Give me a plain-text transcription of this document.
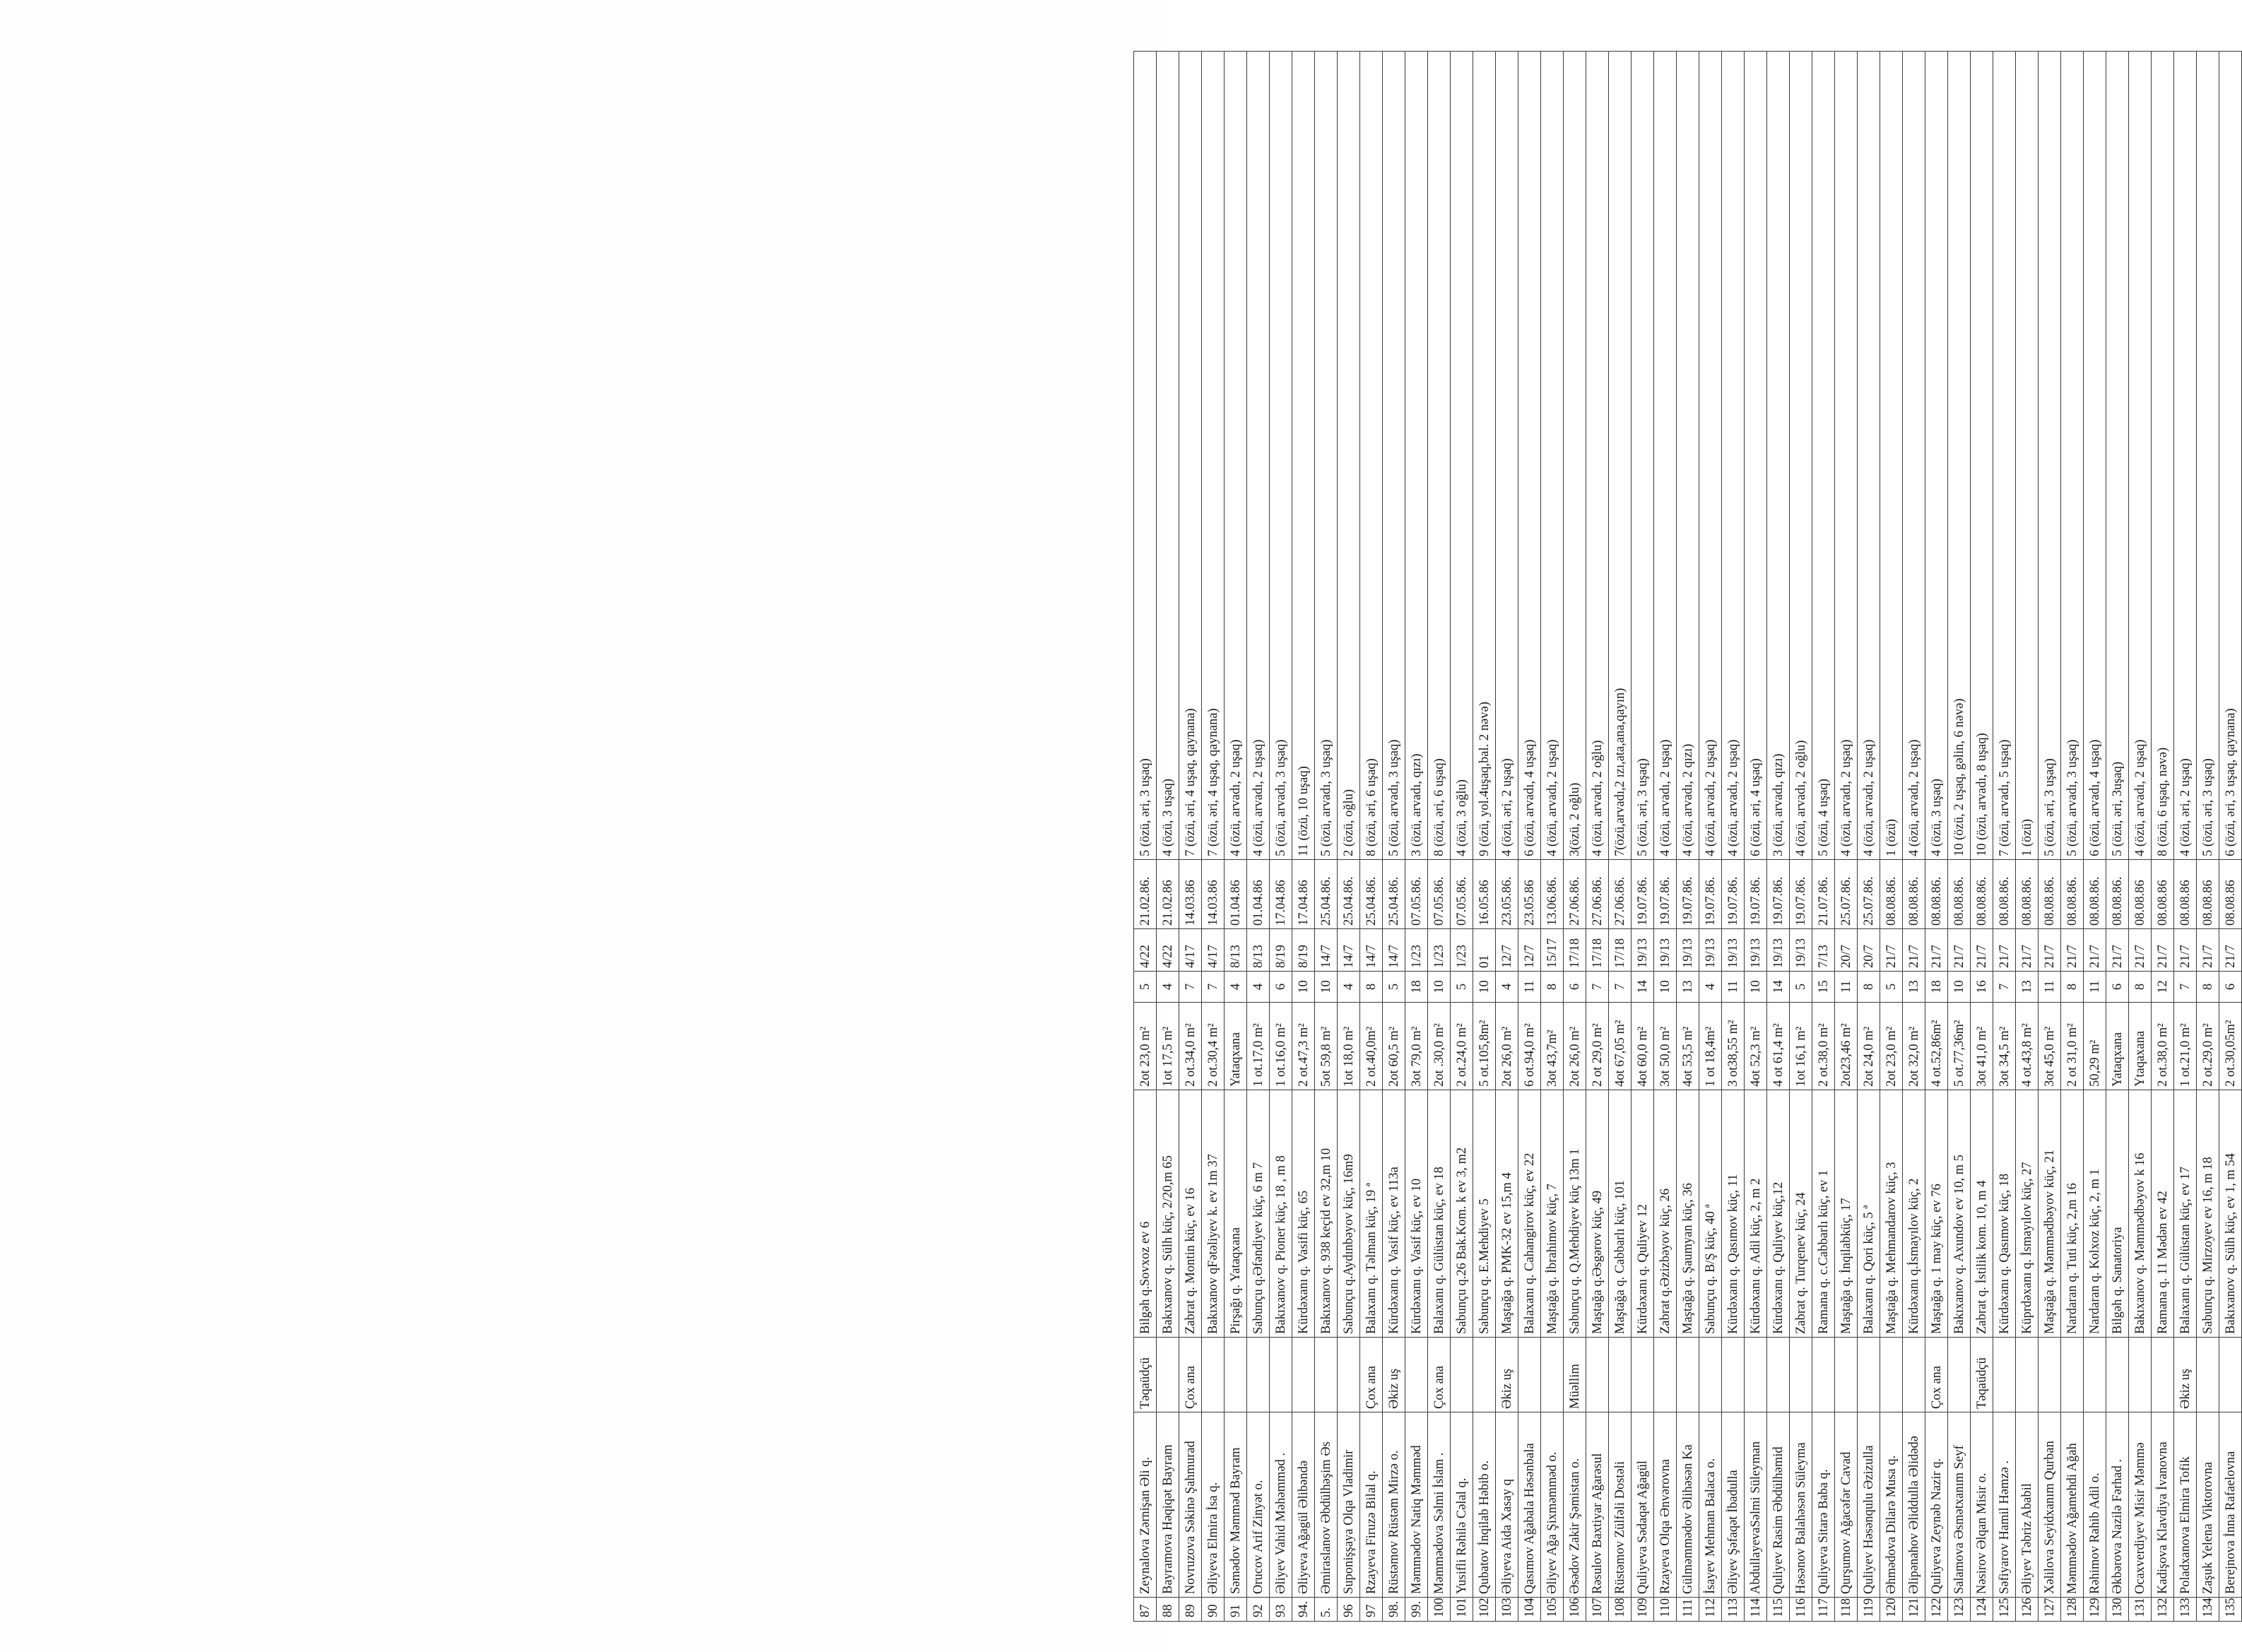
87	Zeynalova Zərnişan Əli q.	Təqaüdçü	Bilgəh q.Sovxoz ev 6	2ot 23,0 m²	5	4/22	21.02.86.	5 (özü, əri, 3 uşaq)
88	Bayramova Həqiqət Bayram		Bakıxanov q. Sülh küç, 2/20,m 65	1ot 17,5 m²	4	4/22	21.02.86	4 (özü, 3 uşaq)
89	Novruzova Səkinə Şahmurad	Çox ana	Zabrat q. Montin küç, ev 16	2 ot.34,0 m²	7	4/17	14.03.86	7 (özü, əri, 4 uşaq, qaynana)
90	Əliyeva Elmira İsa q.		Bakıxanov qFətəliyev k. ev 1m 37	2 ot.30,4 m²	7	4/17	14.03.86	7 (özü, əri, 4 uşaq, qaynana)
91	Səmədov Məmməd Bayram		Pirşağı q. Yataqxana	Yataqxana	4	8/13	01.04.86	4 (özü, arvadı, 2 uşaq)
92	Orucov Arif Zinyət o.		Sabunçu q.Əfəndiyev küç, 6 m 7	1 ot.17,0 m²	4	8/13	01.04.86	4 (özü, arvadı, 2 uşaq)
93	Əliyev Vahid Məhəmməd .		Bakıxanov q. Pioner küç, 18 , m 8	1 ot.16,0 m²	6	8/19	17.04.86	5 (özü, arvadı, 3 uşaq)
94.	Əliyeva Ağagül Əlibəndə		Kürdəxanı q. Vasifi küç, 65	2 ot.47,3 m²	10	8/19	17.04.86	11 (özü, 10 uşaq)
5.	Əmiraslanov Əbdülhəşim Əs		Bakıxanov q. 938 keçid ev 32,m 10	5ot 59,8 m²	10	14/7	25.04.86.	5 (özü, arvadı, 3 uşaq)
96	Suponişşaya Olqa Vladimir		Sabunçu q.Aydınbəyov küç, 16m9	1ot 18,0 m²	4	14/7	25.04.86.	2 (özü, oğlu)
97	Rzayeva Firuzə Bilal q.	Çox ana	Balaxanı q. Təlman küç, 19 ª	2 ot.40,0m²	8	14/7	25.04.86.	8 (özü, əri, 6 uşaq)
98.	Rüstəmov Rüstəm Mirzə o.	Əkiz uş	Kürdəxanı q. Vasif küç, ev 113a	2ot 60,5 m²	5	14/7	25.04.86.	5 (özü, arvadı, 3 uşaq)
99.	Məmmədov Natiq Məmməd		Kürdəxanı q. Vasif küç, ev 10	3ot 79,0 m²	18	1/23	07.05.86.	3 (özü, arvadı, qızı)
100	Məmmədova Səlmi İslam .	Çox ana	Balaxanı q. Gülüstan küç, ev 18	2ot .30,0 m²	10	1/23	07.05.86.	8 (özü, əri, 6 uşaq)
101	Yusifli Rəhilə Cəlal q.		Sabunçu q.26 Bak.Kom. k ev 3, m2	2 ot.24,0 m²	5	1/23	07.05.86.	4 (özü, 3 oğlu)
102	Qubatov İnqilab Həbib o.		Sabunçu q. E.Mehdiyev 5	5 ot.105,8m²	10	01	16.05.86	9 (özü, yol.4uşaq,bal. 2 nəvə)
103	Əliyeva Aida Xasay q	Əkiz uş	Maştağa q. PMK-32 ev 15,m 4	2ot 26,0 m²	4	12/7	23.05.86.	4 (özü, əri, 2 uşaq)
104	Qasımov Ağabala Həsənbala		Balaxanı q. Cahangirov küç, ev 22	6 ot.94,0 m²	11	12/7	23.05.86	6 (özü, arvadı, 4 uşaq)
105	Əliyev Ağa Şixməmməd o.		Maştağa q. İbrahimov küç, 7	3ot 43,7m²	8	15/17	13.06.86.	4 (özü, arvadı, 2 uşaq)
106	Əsədov Zakir Şəmistan o.	Müəllim	Sabunçu q. Q.Mehdiyev küç 13m 1	2ot 26,0 m²	6	17/18	27.06.86.	3(özü, 2 oğlu)
107	Rəsulov Baxtiyar Ağarəsul		Maştağa q.Əsgərov küç, 49	2 ot 29,0 m²	7	17/18	27.06.86.	4 (özü, arvadı, 2 oğlu)
108	Rüstəmov Zülfəli Dostəli		Maştağa q. Cabbarlı küç, 101	4ot 67,05 m²	7	17/18	27.06.86.	7(özü,arvadı,2 ızı,ata,ana,qayın)
109	Quliyeva Sədaqət Ağagül		Kürdəxanı q. Quliyev 12	4ot 60,0 m²	14	19/13	19.07.86.	5 (özü, əri, 3 uşaq)
110	Rzayeva Olqa Ənvərovna		Zabrat q.Əzizbəyov küç, 26	3ot 50,0 m²	10	19/13	19.07.86.	4 (özü, arvadı, 2 uşaq)
111	Gülməmmədov Əlihəsən Ka		Maştağa q. Şaumyan küç, 36	4ot 53,5 m²	13	19/13	19.07.86.	4 (özü, arvadı, 2 qızı)
112	İsayev Mehman Balaca o.		Sabunçu q. B/Ş küç, 40 ª	1 ot 18,4m²	4	19/13	19.07.86.	4 (özü, arvadı, 2 uşaq)
113	Əliyev Şəfaqət İbadulla		Kürdəxanı q. Qasımov küç, 11	3 ot38,55 m²	11	19/13	19.07.86.	4 (özü, arvadı, 2 uşaq)
114	AbdullayevaSəlmi Süleyman		Kürdəxanı q. Adil küç, 2, m 2	4ot 52,3 m²	10	19/13	19.07.86.	6 (özü, əri, 4 uşaq)
115	Quliyev Rasim Əbdülhəmid		Kürdəxanı q. Quliyev küç,12	4 ot 61,4 m²	14	19/13	19.07.86.	3 (özü, arvadı, qızı)
116	Həsənov Balahəsən Süleyma		Zabrat q. Turqenev küç, 24	1ot 16,1 m²	5	19/13	19.07.86.	4 (özü, arvadı, 2 oğlu)
117	Quliyeva Sitarə Baba q.		Ramana q. c.Cabbarlı küç, ev 1	2 ot.38,0 m²	15	7/13	21.07.86.	5 (özü, 4 uşaq)
118	Qurşumov Ağacəfər Cavad		Maştağa q. İnqilabküç, 17	2ot23,46 m²	11	20/7	25.07.86.	4 (özü, arvadı, 2 uşaq)
119	Quliyev Həsənqulu Əzizulla		Balaxanı q. Qori küç, 5 ª	2ot 24,0 m²	8	20/7	25.07.86.	4 (özü, arvadı, 2 uşaq)
120	Əhmədova Dilarə Musa q.		Maştağa q. Mehmandarov küç, 3	2ot 23,0 m²	5	21/7	08.08.86.	1 (özü)
121	Əlipənahov Əliddulla Əlidədə		Kürdəxanı q.İsmayılov küç, 2	2ot 32,0 m²	13	21/7	08.08.86.	4 (özü, arvadı, 2 uşaq)
122	Quliyeva Zeynəb Nazir q.	Çox ana	Maştağa q. 1 may küç, ev 76	4 ot.52,86m²	18	21/7	08.08.86.	4 (özü, 3 uşaq)
123	Salamova Əsmətxanım Seyf		Bakıxanov q. Axundov ev 10, m 5	5 ot.77,36m²	10	21/7	08.08.86.	10 (özü, 2 uşaq, gəlin, 6 nəvə)
124	Nəsirov Əlqan Misir o.	Təqaüdçü	Zabrat q. İstilik kom. 10, m 4	3ot 41,0 m²	16	21/7	08.08.86.	10 (özü, arvadı, 8 uşaq)
125	Səfiyarov Hamil Həmzə .		Kürdəxanı q. Qasımov küç, 18	3ot 34,5 m²	7	21/7	08.08.86.	7 (özü, arvadı, 5 uşaq)
126	Əliyev Təbriz Ababil		Küprdəxanı q. İsmayılov küç, 27	4 ot.43,8 m²	13	21/7	08.08.86.	1 (özü)
127	Xəlilova Seyidxanım Qurban		Maştağa q. Məmmədbəyov küç, 21	3ot 45,0 m²	11	21/7	08.08.86.	5 (özü, əri, 3 uşaq)
128	Məmmədov Ağamehdi Ağah		Nardaran q. Tuti küç, 2,m 16	2 ot 31,0 m²	8	21/7	08.08.86.	5 (özü, arvadı, 3 uşaq)
129	Rəhimov Rahib Adil o.		Nardaran q. Kolxoz küç, 2, m 1	50,29 m²	11	21/7	08.08.86.	6 (özü, arvadı, 4 uşaq)
130	Əkbərova Nazilə Fərhad .		Bilgəh q. Sanatoriya	Yataqxana	6	21/7	08.08.86.	5 (özü, əri, 3uşaq)
131	Ocaxverdiyev Misir Məmmə		Bakıxanov q. Məmmədbəyov k 16	Ytaqaxana	8	21/7	08.08.86	4 (özü, arvadı, 2 uşaq)
132	Kadişova Klavdiya İvanovna		Ramana q. 11 Mədən ev 42	2 ot.38,0 m²	12	21/7	08.08.86	8 (özü, 6 uşaq, nəvə)
133	Poladxanova Elmira Tofik	Əkiz uş	Balaxanı q. Gülüstan küç, ev 17	1 ot.21,0 m²	7	21/7	08.08.86	4 (özü, əri, 2 uşaq)
134	Zaşuk Yelena Viktorovna		Sabunçu q. Mirzoyev ev 16, m 18	2 ot.29,0 m²	8	21/7	08.08.86	5 (özü, əri, 3 uşaq)
135	Berejnova İnna Rafaelovna		Bakıxanov q. Sülh küç, ev 1, m 54	2 ot.30,05m²	6	21/7	08.08.86	6 (özü, əri, 3 uşaq, qaynana)
